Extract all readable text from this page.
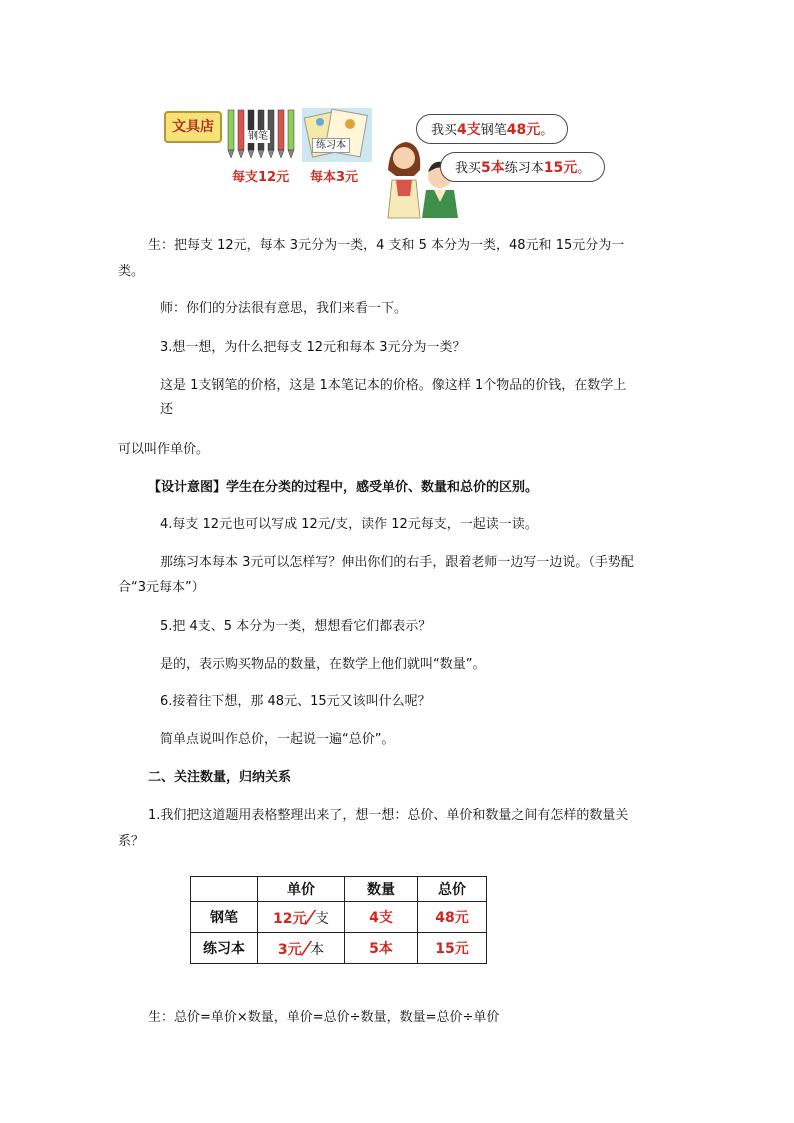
文具店
钢笔
练习本
每支12元 每本3元
我买4支钢笔48元。
我买5本练习本15元。
生：把每支 12元，每本 3元分为一类，4 支和 5 本分为一类，48元和 15元分为一
类。
师：你们的分法很有意思，我们来看一下。
3.想一想，为什么把每支 12元和每本 3元分为一类？
这是 1支钢笔的价格，这是 1本笔记本的价格。像这样 1个物品的价钱，在数学上
还
可以叫作单价。
【设计意图】学生在分类的过程中，感受单价、数量和总价的区别。
4.每支 12元也可以写成 12元/支，读作 12元每支，一起读一读。
那练习本每本 3元可以怎样写？伸出你们的右手，跟着老师一边写一边说。（手势配
合“3元每本”）
5.把 4支、5 本分为一类，想想看它们都表示？
是的，表示购买物品的数量，在数学上他们就叫“数量”。
6.接着往下想，那 48元、15元又该叫什么呢？
简单点说叫作总价，一起说一遍“总价”。
二、关注数量，归纳关系
1.我们把这道题用表格整理出来了，想一想：总价、单价和数量之间有怎样的数量关
系？
	单价	数量	总价
钢笔	12元/支	4支	48元
练习本	3元/本	5本	15元
生：总价=单价×数量，单价=总价÷数量，数量=总价÷单价
